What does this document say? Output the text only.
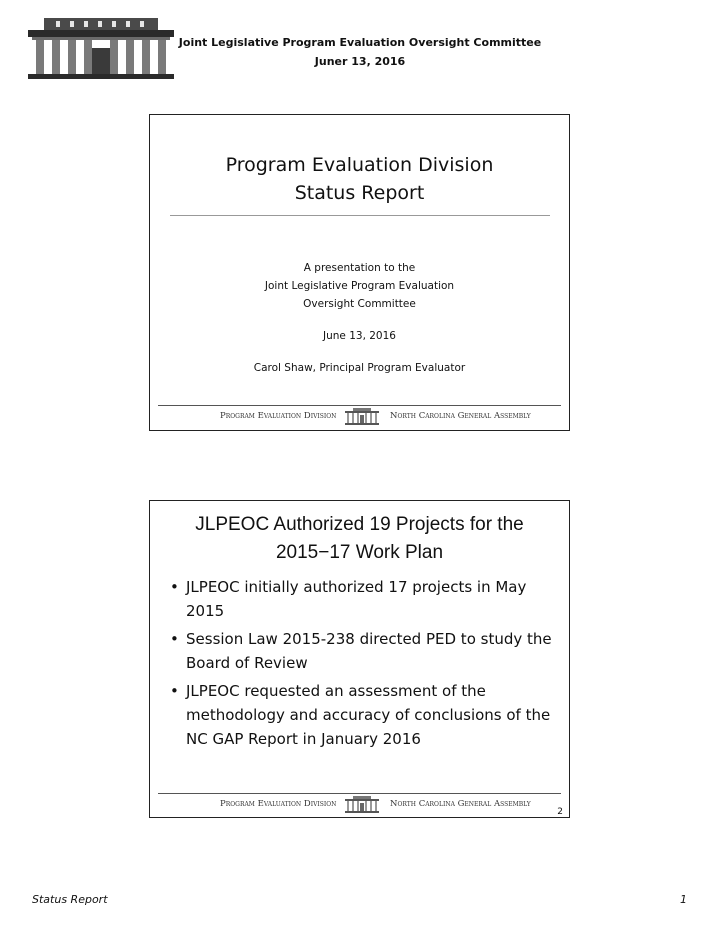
Joint Legislative Program Evaluation Oversight Committee
Juner 13, 2016
Program Evaluation Division
Status Report
A presentation to the
Joint Legislative Program Evaluation
Oversight Committee
June 13, 2016
Carol Shaw, Principal Program Evaluator
Program Evaluation Division	North Carolina General Assembly
JLPEOC Authorized 19 Projects for the
2015−17 Work Plan
• JLPEOC initially authorized 17 projects in May 2015
• Session Law 2015-238 directed PED to study the Board of Review
• JLPEOC requested an assessment of the methodology and accuracy of conclusions of the NC GAP Report in January 2016
Program Evaluation Division	North Carolina General Assembly
2
Status Report	1
